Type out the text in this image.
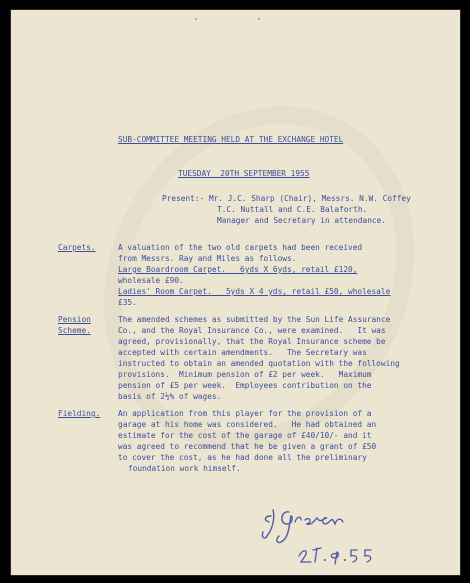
SUB-COMMITTEE MEETING HELD AT THE EXCHANGE HOTEL
TUESDAY  20TH SEPTEMBER 1955
Present:- Mr. J.C. Sharp (Chair), Messrs. N.W. Coffey
T.C. Nuttall and C.E. Balaforth.
Manager and Secretary in attendance.
Carpets.	A valuation of the two old carpets had been received
from Messrs. Ray and Miles as follows.
Large Boardroom Carpet.   6yds X 6yds, retail £120,
wholesale £90.
Ladies' Room Carpet.   5yds X 4 yds, retail £50, wholesale
£35.
Pension
Scheme.
The amended schemes as submitted by the Sun Life Assurance
Co., and the Royal Insurance Co., were examined.   It was
agreed, provisionally, that the Royal Insurance scheme be
accepted with certain amendments.   The Secretary was
instructed to obtain an amended quotation with the following
provisions.  Minimum pension of £2 per week.   Maximum
pension of £5 per week.  Employees contribution on the
basis of 2½% of wages.
Fielding. An application from this player for the provision of a
garage at his home was considered.   He had obtained an
estimate for the cost of the garage of £40/10/- and it
was agreed to recommend that he be given a grant of £50
to cover the cost, as he had done all the preliminary
foundation work himself.
